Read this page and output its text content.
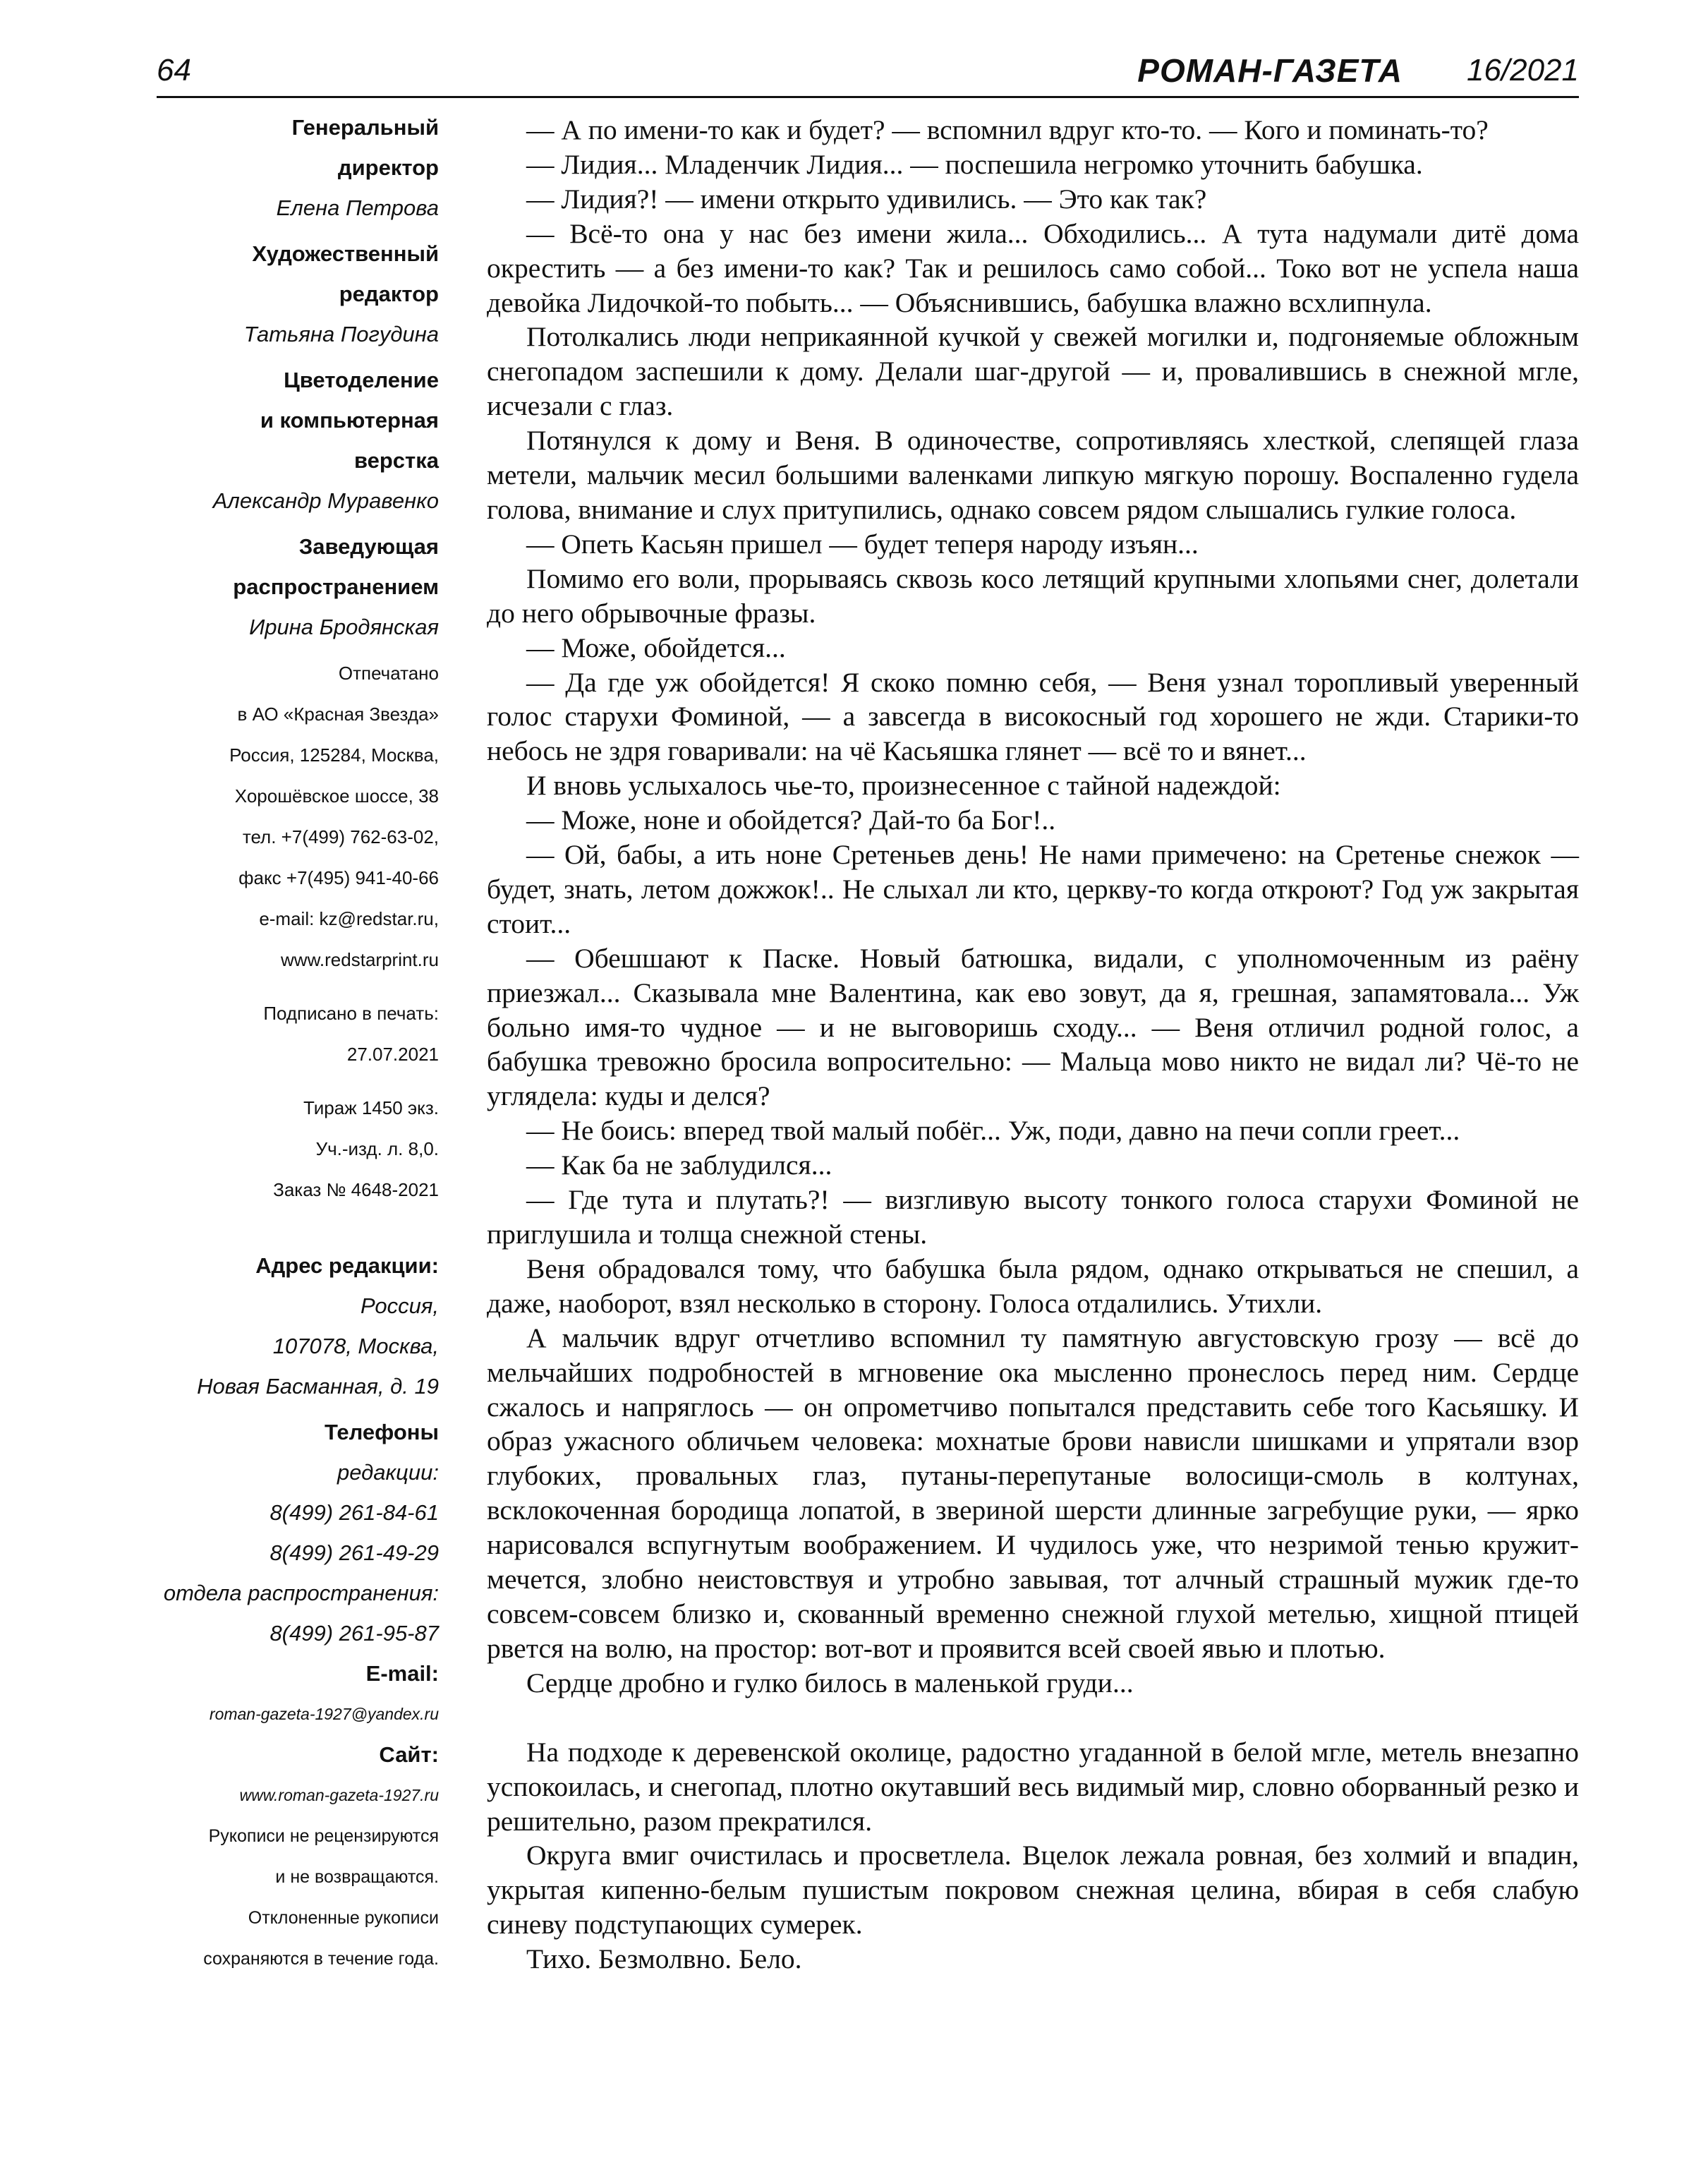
64	РОМАН-ГАЗЕТА 16/2021
Генеральный
директор
Елена Петрова
Художественный
редактор
Татьяна Погудина
Цветоделение
и компьютерная
верстка
Александр Муравенко
Заведующая
распространением
Ирина Бродянская
Отпечатано
в АО «Красная Звезда»
Россия, 125284, Москва,
Хорошёвское шоссе, 38
тел. +7(499) 762-63-02,
факс +7(495) 941-40-66
e-mail: kz@redstar.ru,
www.redstarprint.ru
Подписано в печать:
27.07.2021
Тираж 1450 экз.
Уч.-изд. л. 8,0.
Заказ № 4648-2021
Адрес редакции:
Россия,
107078, Москва,
Новая Басманная, д. 19
Телефоны
редакции:
8(499) 261-84-61
8(499) 261-49-29
отдела распространения:
8(499) 261-95-87
E-mail:
roman-gazeta-1927@yandex.ru
Сайт:
www.roman-gazeta-1927.ru
Рукописи не рецензируются
и не возвращаются.
Отклоненные рукописи
сохраняются в течение года.

— А по имени-то как и будет? — вспомнил вдруг кто-то. — Кого и поминать-то?

— Лидия... Младенчик Лидия... — поспешила негромко уточнить бабушка.

— Лидия?! — имени открыто удивились. — Это как так?

— Всё-то она у нас без имени жила... Обходились... А тута надумали дитё дома окрестить — а без имени-то как? Так и решилось само собой... Токо вот не успела наша девойка Лидочкой-то побыть... — Объяснившись, бабушка влажно всхлипнула.

Потолкались люди неприкаянной кучкой у свежей могилки и, подгоняемые обложным снегопадом заспешили к дому. Делали шаг-другой — и, провалившись в снежной мгле, исчезали с глаз.

Потянулся к дому и Веня. В одиночестве, сопротивляясь хлесткой, слепящей глаза метели, мальчик месил большими валенками липкую мягкую порошу. Воспаленно гудела голова, внимание и слух притупились, однако совсем рядом слышались гулкие голоса.

— Опеть Касьян пришел — будет теперя народу изъян...

Помимо его воли, прорываясь сквозь косо летящий крупными хлопьями снег, долетали до него обрывочные фразы.

— Може, обойдется...

— Да где уж обойдется! Я скоко помню себя, — Веня узнал торопливый уверенный голос старухи Фоминой, — а завсегда в високосный год хорошего не жди. Старики-то небось не здря говаривали: на чё Касьяшка глянет — всё то и вянет...

И вновь услыхалось чье-то, произнесенное с тайной надеждой:

— Може, ноне и обойдется? Дай-то ба Бог!..

— Ой, бабы, а ить ноне Сретеньев день! Не нами примечено: на Сретенье снежок — будет, знать, летом дожжок!.. Не слыхал ли кто, церкву-то когда откроют? Год уж закрытая стоит...

— Обешшают к Паске. Новый батюшка, видали, с уполномоченным из раёну приезжал... Сказывала мне Валентина, как ево зовут, да я, грешная, запамятовала... Уж больно имя-то чудное — и не выговоришь сходу... — Веня отличил родной голос, а бабушка тревожно бросила вопросительно: — Мальца мово никто не видал ли? Чё-то не углядела: куды и делся?

— Не боись: вперед твой малый побёг... Уж, поди, давно на печи сопли греет...

— Как ба не заблудился...

— Где тута и плутать?! — визгливую высоту тонкого голоса старухи Фоминой не приглушила и толща снежной стены.

Веня обрадовался тому, что бабушка была рядом, однако открываться не спешил, а даже, наоборот, взял несколько в сторону. Голоса отдалились. Утихли.

А мальчик вдруг отчетливо вспомнил ту памятную августовскую грозу — всё до мельчайших подробностей в мгновение ока мысленно пронеслось перед ним. Сердце сжалось и напряглось — он опрометчиво попытался представить себе того Касьяшку. И образ ужасного обличьем человека: мохнатые брови нависли шишками и упрятали взор глубоких, провальных глаз, путаны-перепутаные волосищи-смоль в колтунах, всклокоченная бородища лопатой, в звериной шерсти длинные загребущие руки, — ярко нарисовался вспугнутым воображением. И чудилось уже, что незримой тенью кружит-мечется, злобно неистовствуя и утробно завывая, тот алчный страшный мужик где-то совсем-совсем близко и, скованный временно снежной глухой метелью, хищной птицей рвется на волю, на простор: вот-вот и проявится всей своей явью и плотью.

Сердце дробно и гулко билось в маленькой груди...

На подходе к деревенской околице, радостно угаданной в белой мгле, метель внезапно успокоилась, и снегопад, плотно окутавший весь видимый мир, словно оборванный резко и решительно, разом прекратился.

Округа вмиг очистилась и просветлела. Вцелок лежала ровная, без холмий и впадин, укрытая кипенно-белым пушистым покровом снежная целина, вбирая в себя слабую синеву подступающих сумерек.

Тихо. Безмолвно. Бело.
